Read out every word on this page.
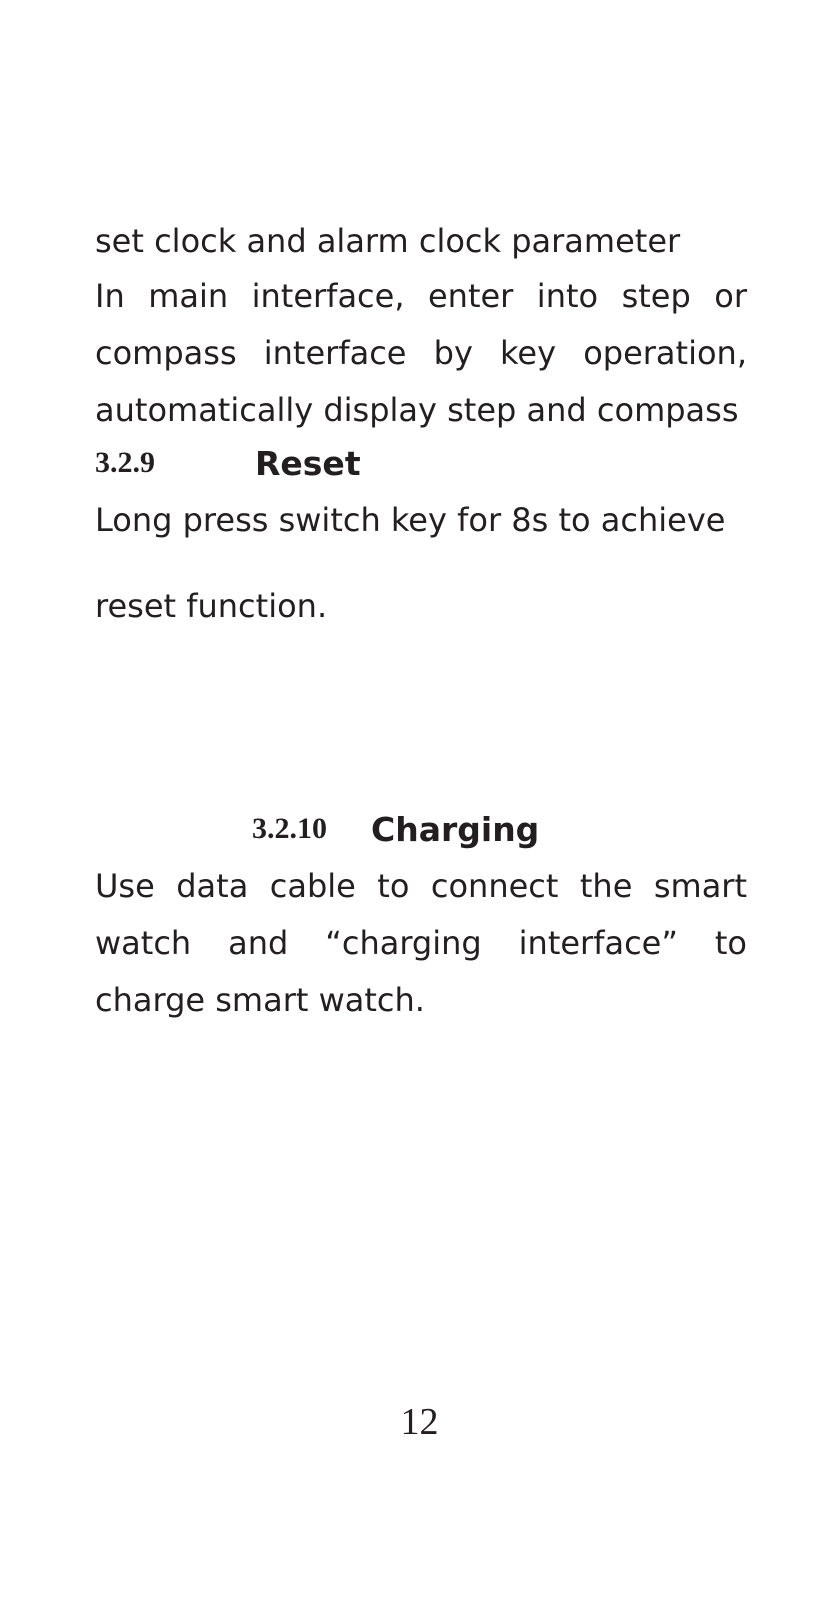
set clock and alarm clock parameter

In main interface, enter into step or compass interface by key operation, automatically display step and compass

3.2.9	Reset

Long press switch key for 8s to achieve

reset function.

3.2.10 Charging

Use data cable to connect the smart watch and “charging interface” to charge smart watch.

12
